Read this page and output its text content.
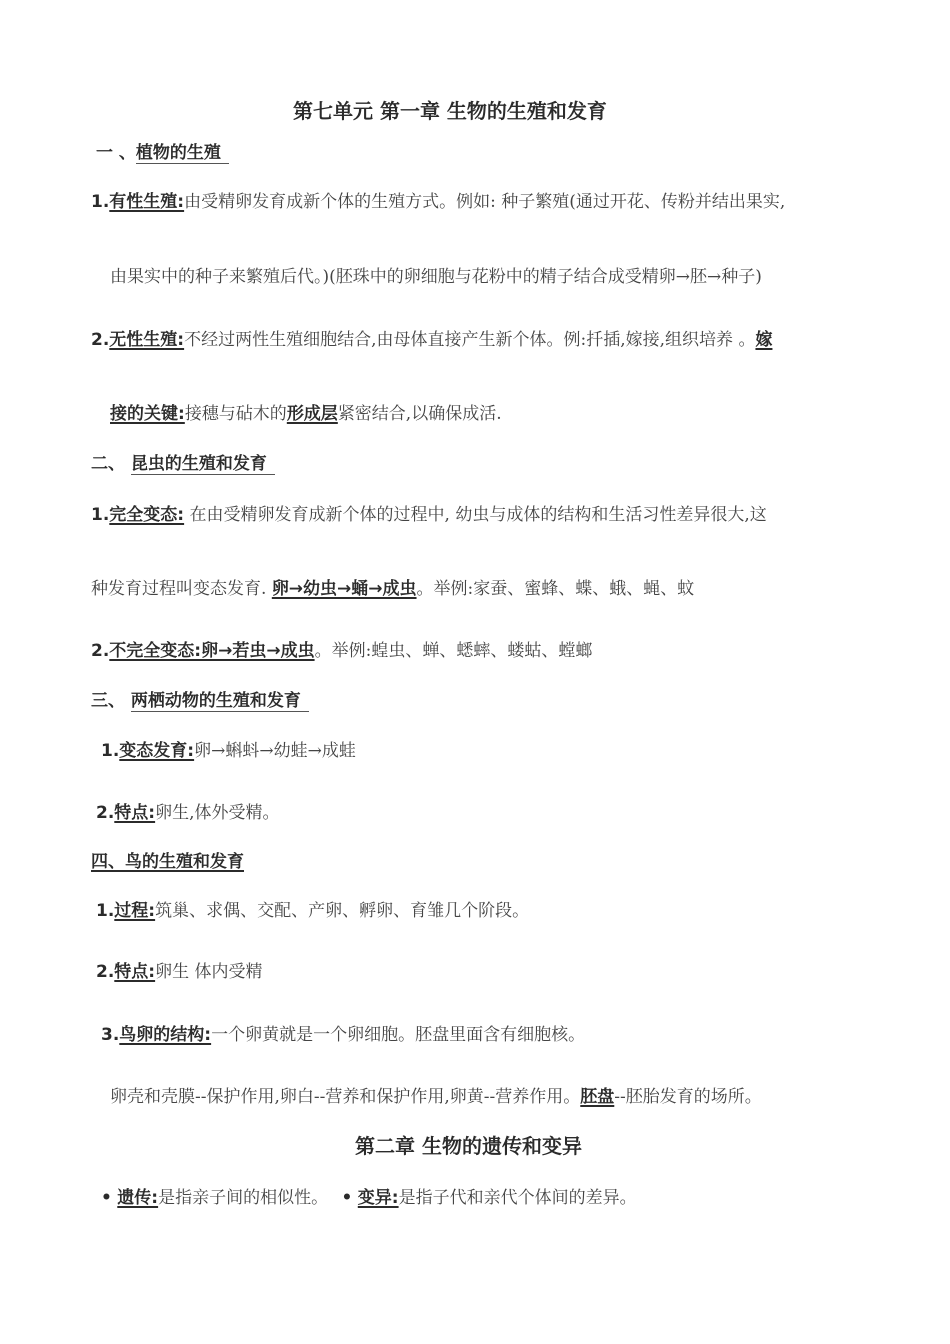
第七单元 第一章 生物的生殖和发育
一 、植物的生殖
1.有性生殖:由受精卵发育成新个体的生殖方式。例如: 种子繁殖(通过开花、传粉并结出果实,
由果实中的种子来繁殖后代。)(胚珠中的卵细胞与花粉中的精子结合成受精卵→胚→种子)
2.无性生殖:不经过两性生殖细胞结合,由母体直接产生新个体。例:扦插,嫁接,组织培养 。嫁
接的关键:接穗与砧木的形成层紧密结合,以确保成活.
二、 昆虫的生殖和发育
1.完全变态: 在由受精卵发育成新个体的过程中, 幼虫与成体的结构和生活习性差异很大,这
种发育过程叫变态发育. 卵→幼虫→蛹→成虫。举例:家蚕、蜜蜂、蝶、蛾、蝇、蚊
2.不完全变态:卵→若虫→成虫。举例:蝗虫、蝉、蟋蟀、蝼蛄、螳螂
三、 两栖动物的生殖和发育
1.变态发育:卵→蝌蚪→幼蛙→成蛙
2.特点:卵生,体外受精。
四、鸟的生殖和发育
1.过程:筑巢、求偶、交配、产卵、孵卵、育雏几个阶段。
2.特点:卵生 体内受精
3.鸟卵的结构:一个卵黄就是一个卵细胞。胚盘里面含有细胞核。
卵壳和壳膜--保护作用,卵白--营养和保护作用,卵黄--营养作用。胚盘--胚胎发育的场所。
第二章 生物的遗传和变异
• 遗传:是指亲子间的相似性。 • 变异:是指子代和亲代个体间的差异。
